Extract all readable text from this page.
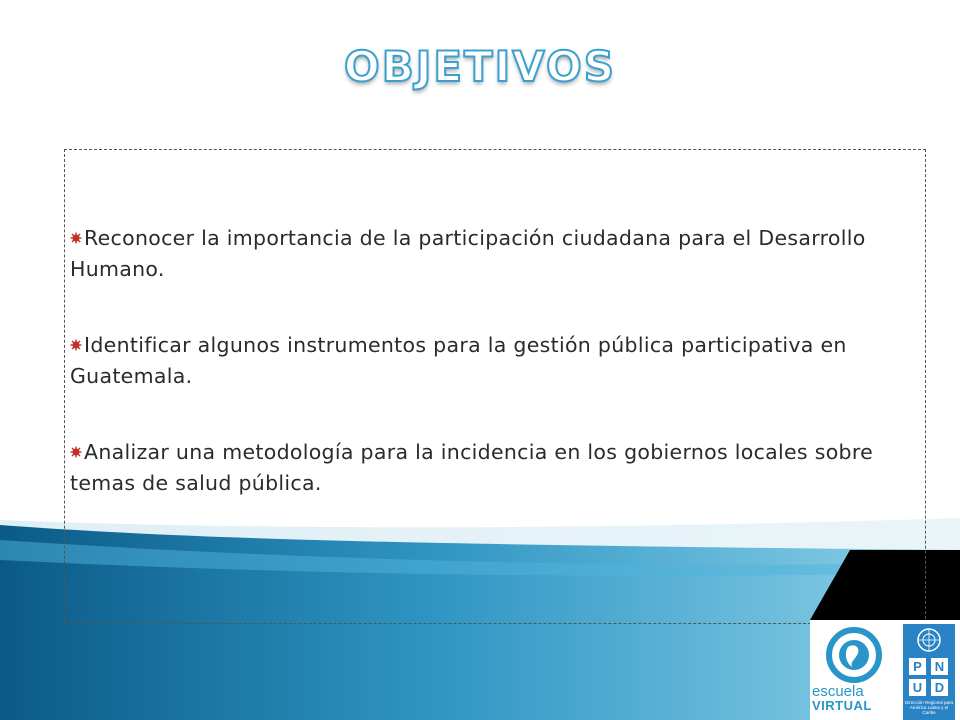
OBJETIVOS
Reconocer la importancia de la participación ciudadana para el Desarrollo Humano.
Identificar algunos instrumentos para la gestión pública participativa en Guatemala.
Analizar una metodología para la incidencia en los gobiernos locales sobre temas de salud pública.
escuela
VIRTUAL
P N
U D
Dirección Regional para América Latina y el Caribe
